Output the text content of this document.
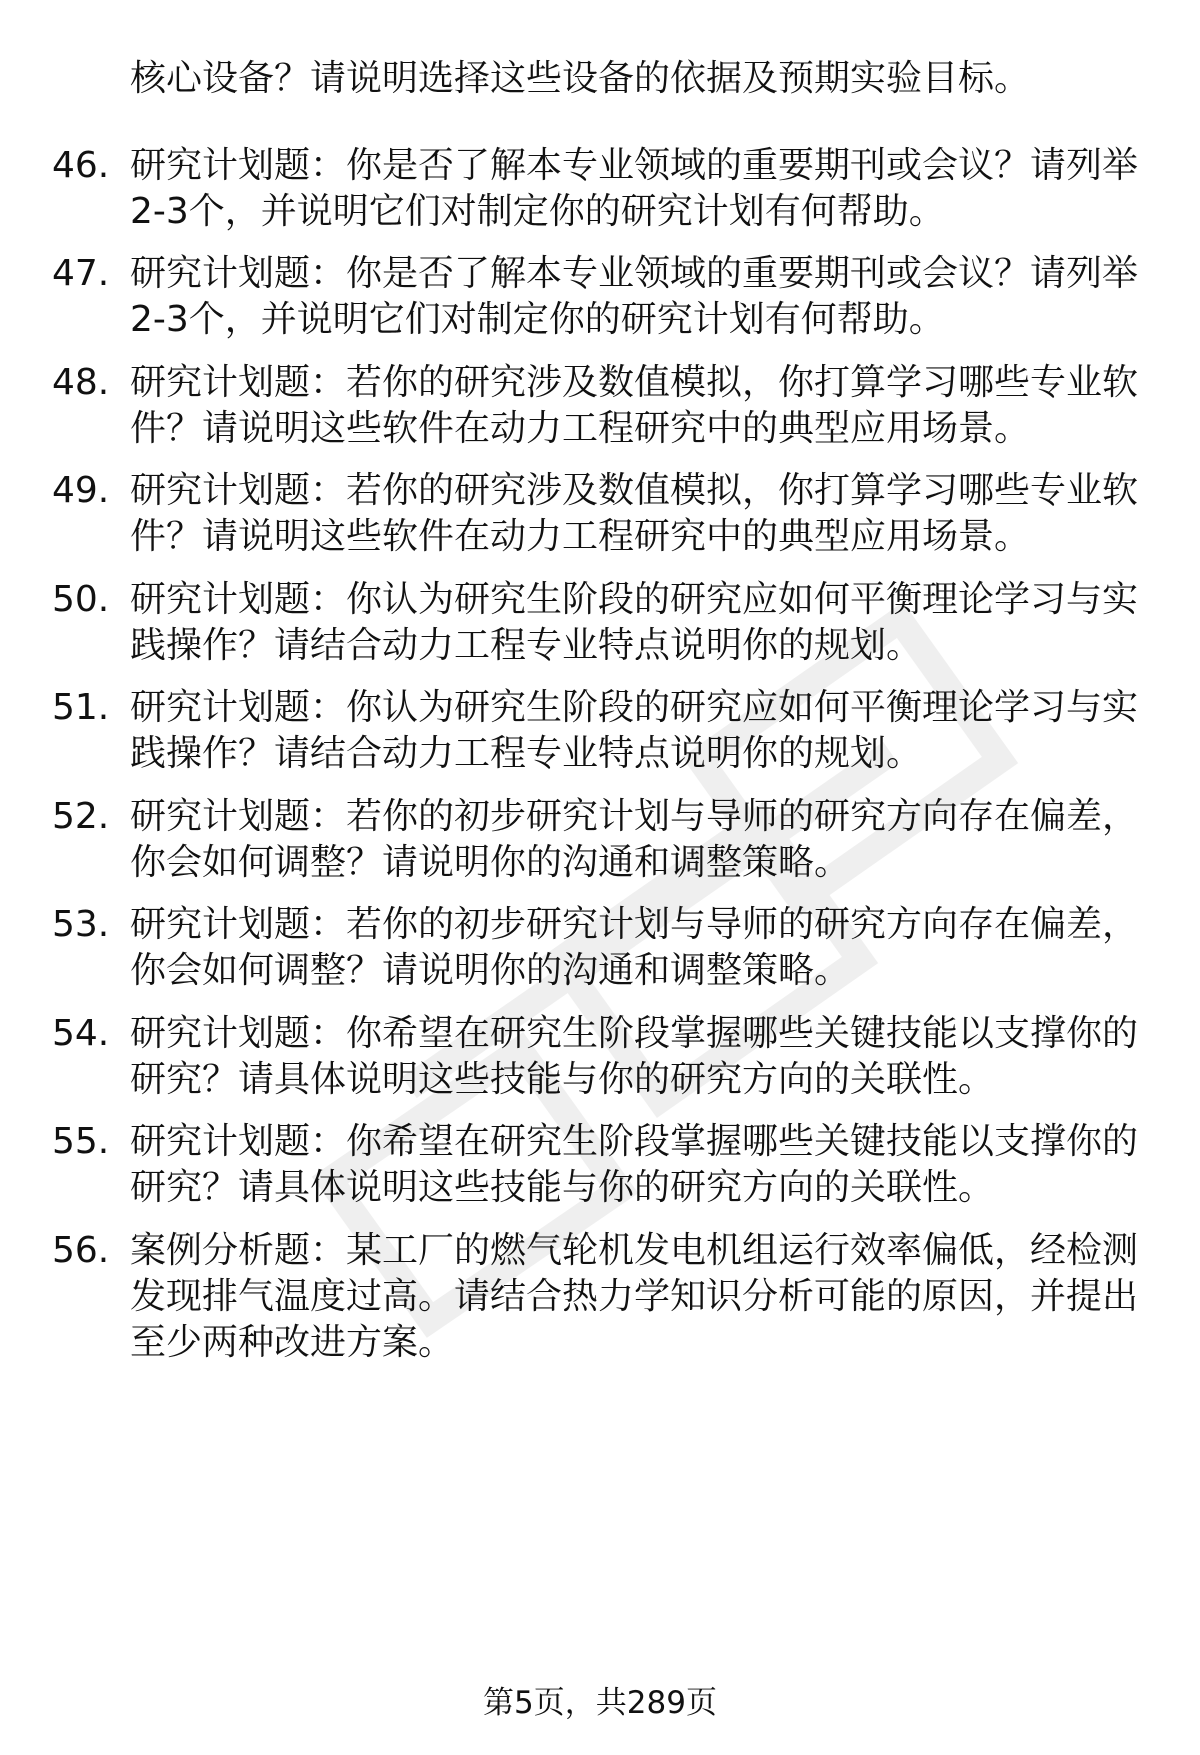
核心设备？请说明选择这些设备的依据及预期实验目标。
46. 研究计划题：你是否了解本专业领域的重要期刊或会议？请列举
2-3个，并说明它们对制定你的研究计划有何帮助。
47. 研究计划题：你是否了解本专业领域的重要期刊或会议？请列举
2-3个，并说明它们对制定你的研究计划有何帮助。
48. 研究计划题：若你的研究涉及数值模拟，你打算学习哪些专业软
件？请说明这些软件在动力工程研究中的典型应用场景。
49. 研究计划题：若你的研究涉及数值模拟，你打算学习哪些专业软
件？请说明这些软件在动力工程研究中的典型应用场景。
50. 研究计划题：你认为研究生阶段的研究应如何平衡理论学习与实
践操作？请结合动力工程专业特点说明你的规划。
51. 研究计划题：你认为研究生阶段的研究应如何平衡理论学习与实
践操作？请结合动力工程专业特点说明你的规划。
52. 研究计划题：若你的初步研究计划与导师的研究方向存在偏差，
你会如何调整？请说明你的沟通和调整策略。
53. 研究计划题：若你的初步研究计划与导师的研究方向存在偏差，
你会如何调整？请说明你的沟通和调整策略。
54. 研究计划题：你希望在研究生阶段掌握哪些关键技能以支撑你的
研究？请具体说明这些技能与你的研究方向的关联性。
55. 研究计划题：你希望在研究生阶段掌握哪些关键技能以支撑你的
研究？请具体说明这些技能与你的研究方向的关联性。
56. 案例分析题：某工厂的燃气轮机发电机组运行效率偏低，经检测
发现排气温度过高。请结合热力学知识分析可能的原因，并提出
至少两种改进方案。
第5页，共289页
